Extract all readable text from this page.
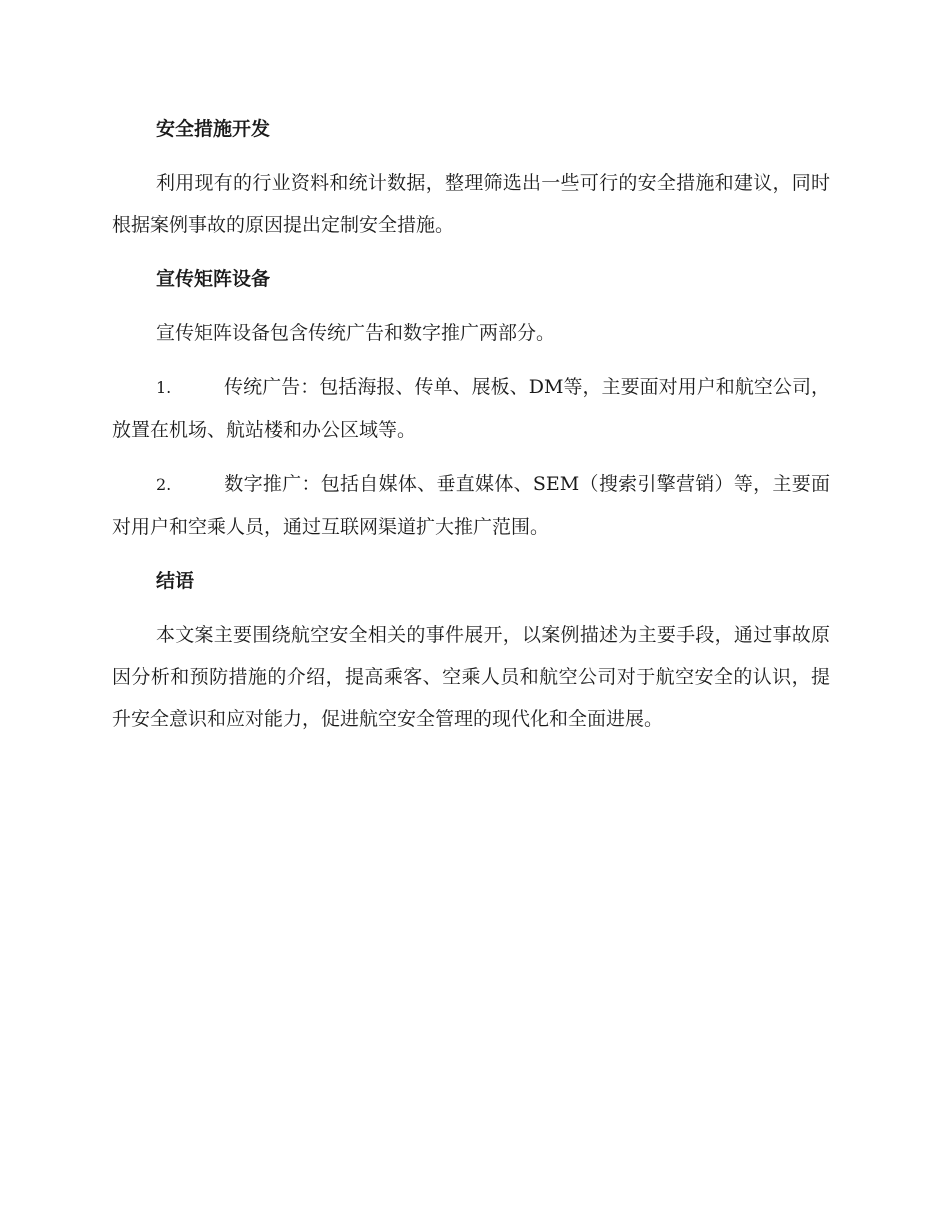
安全措施开发

利用现有的行业资料和统计数据，整理筛选出一些可行的安全措施和建议，同时根据案例事故的原因提出定制安全措施。

宣传矩阵设备

宣传矩阵设备包含传统广告和数字推广两部分。

1.	传统广告：包括海报、传单、展板、DM等，主要面对用户和航空公司，放置在机场、航站楼和办公区域等。

2.	数字推广：包括自媒体、垂直媒体、SEM（搜索引擎营销）等，主要面对用户和空乘人员，通过互联网渠道扩大推广范围。

结语

本文案主要围绕航空安全相关的事件展开，以案例描述为主要手段，通过事故原因分析和预防措施的介绍，提高乘客、空乘人员和航空公司对于航空安全的认识，提升安全意识和应对能力，促进航空安全管理的现代化和全面进展。
